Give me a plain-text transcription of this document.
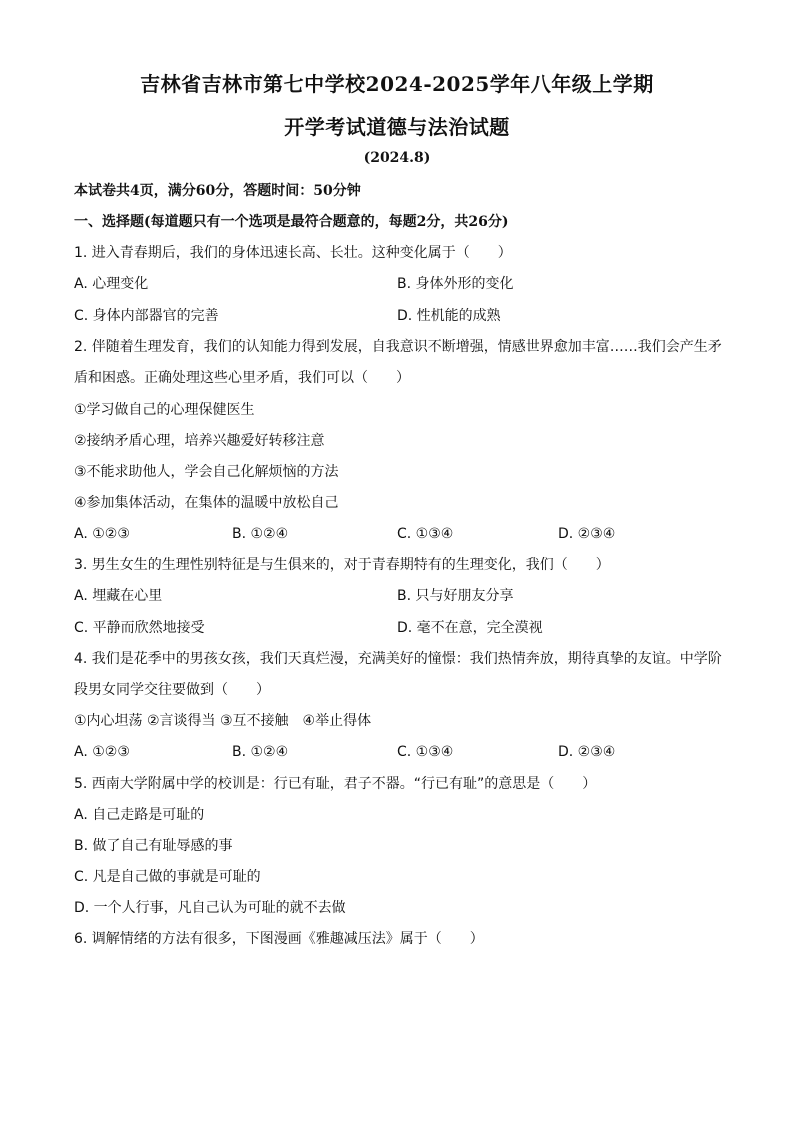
吉林省吉林市第七中学校2024-2025学年八年级上学期
开学考试道德与法治试题
(2024.8)
本试卷共4页，满分60分，答题时间：50分钟
一、选择题(每道题只有一个选项是最符合题意的，每题2分，共26分)
1. 进入青春期后，我们的身体迅速长高、长壮。这种变化属于（　　）
A. 心理变化	B. 身体外形的变化
C. 身体内部器官的完善	D. 性机能的成熟
2. 伴随着生理发育，我们的认知能力得到发展，自我意识不断增强，情感世界愈加丰富……我们会产生矛盾和困惑。正确处理这些心里矛盾，我们可以（　　）
①学习做自己的心理保健医生
②接纳矛盾心理，培养兴趣爱好转移注意
③不能求助他人，学会自己化解烦恼的方法
④参加集体活动，在集体的温暖中放松自己
A. ①②③	B. ①②④	C. ①③④	D. ②③④
3. 男生女生的生理性别特征是与生俱来的，对于青春期特有的生理变化，我们（　　）
A. 埋藏在心里	B. 只与好朋友分享
C. 平静而欣然地接受	D. 毫不在意，完全漠视
4. 我们是花季中的男孩女孩，我们天真烂漫，充满美好的憧憬：我们热情奔放，期待真挚的友谊。中学阶段男女同学交往要做到（　　）
①内心坦荡 ②言谈得当 ③互不接触　④举止得体
A. ①②③	B. ①②④	C. ①③④	D. ②③④
5. 西南大学附属中学的校训是：行已有耻，君子不器。“行已有耻”的意思是（　　）
A. 自己走路是可耻的
B. 做了自己有耻辱感的事
C. 凡是自己做的事就是可耻的
D. 一个人行事，凡自己认为可耻的就不去做
6. 调解情绪的方法有很多，下图漫画《雅趣减压法》属于（　　）
